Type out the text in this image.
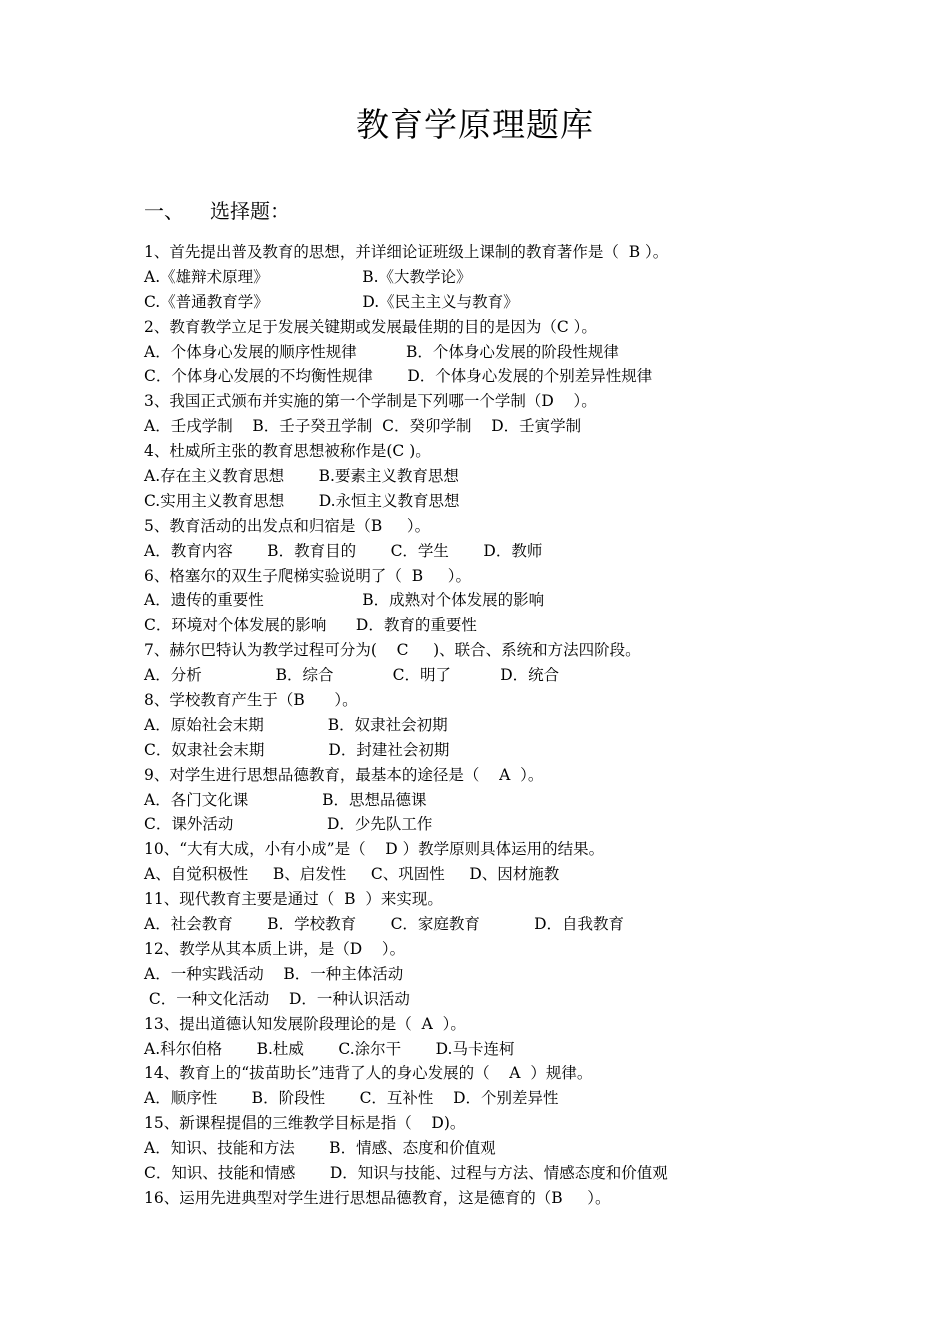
教育学原理题库
一、 选择题：
1、首先提出普及教育的思想，并详细论证班级上课制的教育著作是（  B ）。
A.《雄辩术原理》                   B.《大教学论》
C.《普通教育学》                   D.《民主主义与教育》
2、教育教学立足于发展关键期或发展最佳期的目的是因为（C ）。
A．个体身心发展的顺序性规律          B．个体身心发展的阶段性规律
C．个体身心发展的不均衡性规律       D．个体身心发展的个别差异性规律
3、我国正式颁布并实施的第一个学制是下列哪一个学制（D    ）。
A．壬戌学制    B．壬子癸丑学制  C．癸卯学制    D．壬寅学制
4、杜威所主张的教育思想被称作是(C )。
A.存在主义教育思想       B.要素主义教育思想
C.实用主义教育思想       D.永恒主义教育思想
5、教育活动的出发点和归宿是（B     ）。
A．教育内容       B．教育目的       C．学生       D．教师
6、格塞尔的双生子爬梯实验说明了（  B     ）。
A．遗传的重要性                    B．成熟对个体发展的影响
C．环境对个体发展的影响      D．教育的重要性
7、赫尔巴特认为教学过程可分为(    C     )、联合、系统和方法四阶段。
A．分析               B．综合            C．明了          D．统合
8、学校教育产生于（B      ）。
A．原始社会末期             B．奴隶社会初期
C．奴隶社会末期             D．封建社会初期
9、对学生进行思想品德教育，最基本的途径是（    A  ）。
A．各门文化课               B．思想品德课
C．课外活动                   D．少先队工作
10、“大有大成，小有小成”是（    D ）教学原则具体运用的结果。
A、自觉积极性     B、启发性     C、巩固性     D、因材施教
11、现代教育主要是通过（  B  ）来实现。
A．社会教育       B．学校教育       C．家庭教育           D．自我教育
12、教学从其本质上讲，是（D    ）。
A．一种实践活动    B．一种主体活动
C．一种文化活动    D．一种认识活动
13、提出道德认知发展阶段理论的是（  A  ）。
A.科尔伯格       B.杜威       C.涂尔干       D.马卡连柯
14、教育上的“拔苗助长”违背了人的身心发展的（    A  ）规律。
A．顺序性       B．阶段性       C．互补性    D．个别差异性
15、新课程提倡的三维教学目标是指（    D)。
A．知识、技能和方法       B．情感、态度和价值观
C．知识、技能和情感       D．知识与技能、过程与方法、情感态度和价值观
16、运用先进典型对学生进行思想品德教育，这是德育的（B     ）。
